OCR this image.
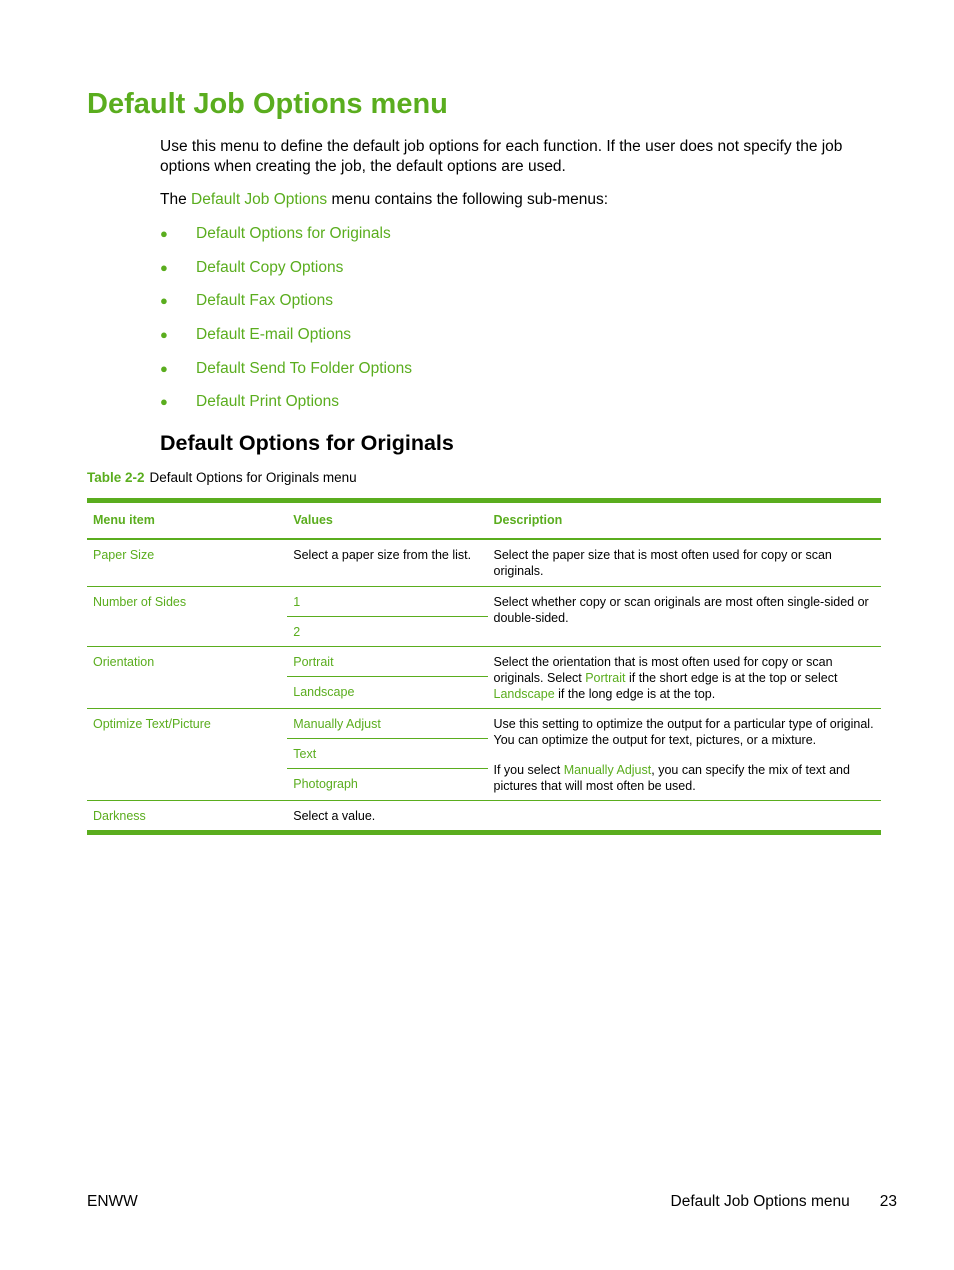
Default Job Options menu

Use this menu to define the default job options for each function. If the user does not specify the job options when creating the job, the default options are used.

The Default Job Options menu contains the following sub-menus:

●	Default Options for Originals
●	Default Copy Options
●	Default Fax Options
●	Default E-mail Options
●	Default Send To Folder Options
●	Default Print Options
Default Options for Originals

Table 2-2 Default Options for Originals menu

Menu item	Values	Description
Paper Size	Select a paper size from the list.	Select the paper size that is most often used for copy or scan originals.
Number of Sides	1	Select whether copy or scan originals are most often single-sided or double-sided.
	2	
Orientation	Portrait	Select the orientation that is most often used for copy or scan originals. Select Portrait if the short edge is at the top or select Landscape if the long edge is at the top.
	Landscape	
Optimize Text/Picture	Manually Adjust	Use this setting to optimize the output for a particular type of original. You can optimize the output for text, pictures, or a mixture.

If you select Manually Adjust, you can specify the mix of text and pictures that will most often be used.

	Text	
	Photograph	
Darkness	Select a value.	

ENWW	Default Job Options menu 23
